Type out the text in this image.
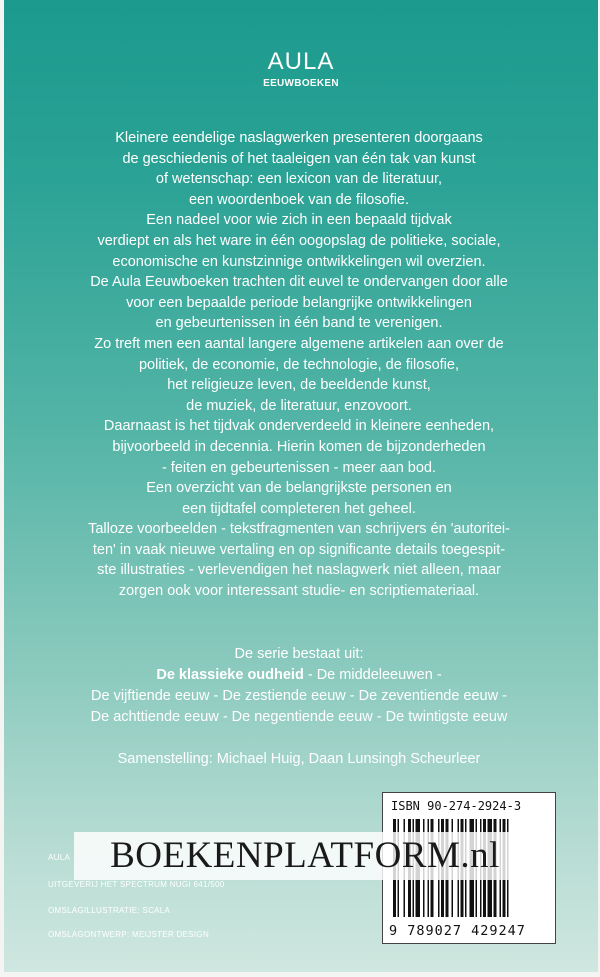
AULA
EEUWBOEKEN
Kleinere eendelige naslagwerken presenteren doorgaans
de geschiedenis of het taaleigen van één tak van kunst
of wetenschap: een lexicon van de literatuur,
een woordenboek van de filosofie.
Een nadeel voor wie zich in een bepaald tijdvak
verdiept en als het ware in één oogopslag de politieke, sociale,
economische en kunstzinnige ontwikkelingen wil overzien.
De Aula Eeuwboeken trachten dit euvel te ondervangen door alle
voor een bepaalde periode belangrijke ontwikkelingen
en gebeurtenissen in één band te verenigen.
Zo treft men een aantal langere algemene artikelen aan over de
politiek, de economie, de technologie, de filosofie,
het religieuze leven, de beeldende kunst,
de muziek, de literatuur, enzovoort.
Daarnaast is het tijdvak onderverdeeld in kleinere eenheden,
bijvoorbeeld in decennia. Hierin komen de bijzonderheden
- feiten en gebeurtenissen - meer aan bod.
Een overzicht van de belangrijkste personen en
een tijdtafel completeren het geheel.
Talloze voorbeelden - tekstfragmenten van schrijvers én 'autoritei-
ten' in vaak nieuwe vertaling en op significante details toegespit-
ste illustraties - verlevendigen het naslagwerk niet alleen, maar
zorgen ook voor interessant studie- en scriptiemateriaal.
De serie bestaat uit:
De klassieke oudheid - De middeleeuwen -
De vijftiende eeuw - De zestiende eeuw - De zeventiende eeuw -
De achttiende eeuw - De negentiende eeuw - De twintigste eeuw
Samenstelling: Michael Huig, Daan Lunsingh Scheurleer
AULA
UITGEVERIJ HET SPECTRUM NUGI 641/500
OMSLAGILLUSTRATIE: SCALA
OMSLAGONTWERP: MEIJSTER DESIGN
ISBN 90-274-2924-3
9 789027 429247
BOEKENPLATFORM.nl
